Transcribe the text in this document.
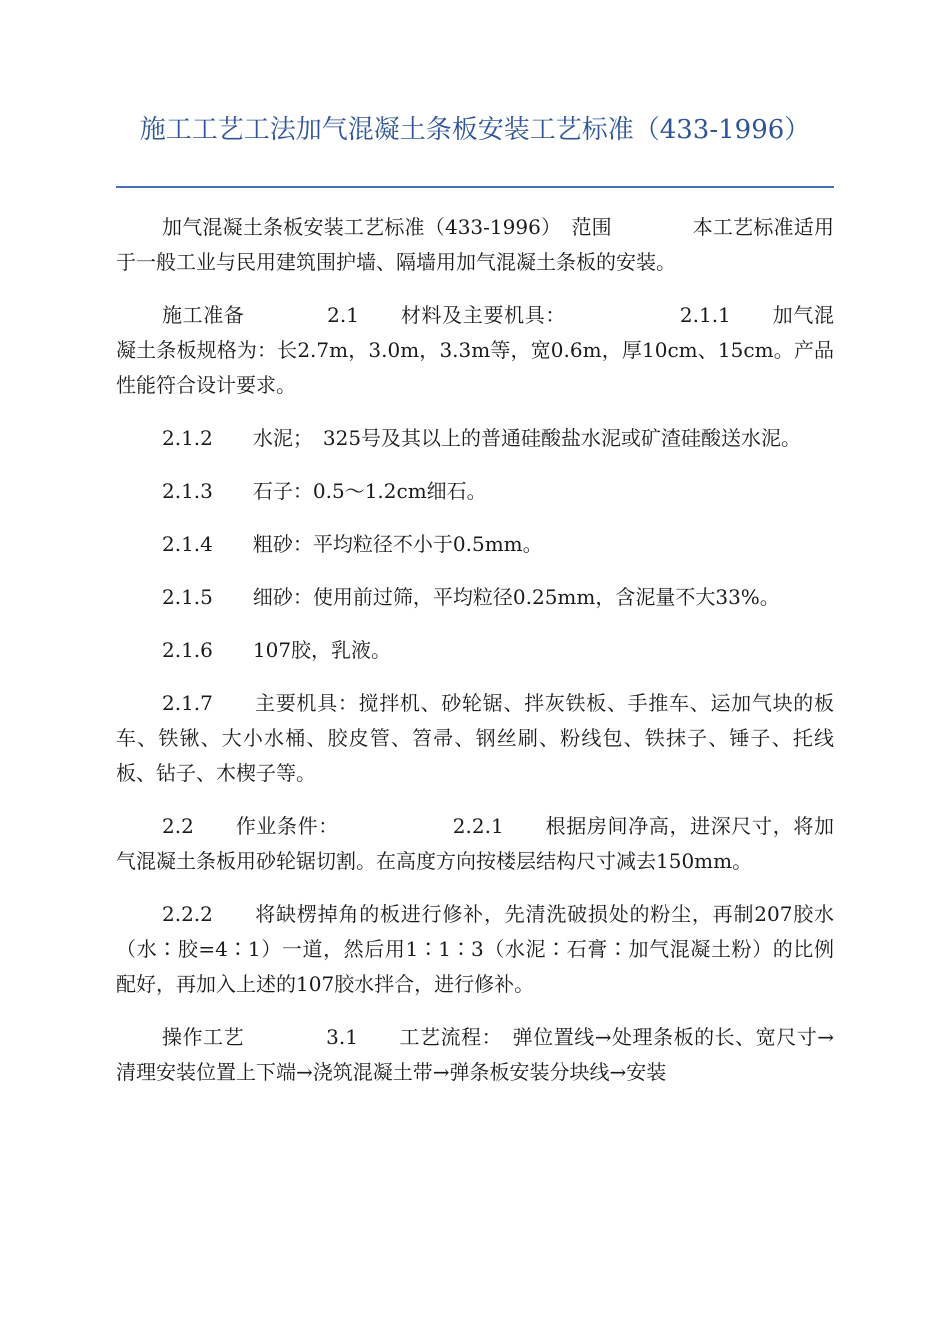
施工工艺工法加气混凝土条板安装工艺标准（433-1996）

加气混凝土条板安装工艺标准（433-1996）　范围　　　　本工艺标准适用于一般工业与民用建筑围护墙、隔墙用加气混凝土条板的安装。

施工准备　　　　2.1　　材料及主要机具：　　　　　　2.1.1　　加气混凝土条板规格为：长2.7m，3.0m，3.3m等，宽0.6m，厚10cm、15cm。产品性能符合设计要求。

2.1.2　　水泥；　325号及其以上的普通硅酸盐水泥或矿渣硅酸送水泥。

2.1.3　　石子：0.5～1.2cm细石。

2.1.4　　粗砂：平均粒径不小于0.5mm。

2.1.5　　细砂：使用前过筛，平均粒径0.25mm，含泥量不大33%。

2.1.6　　107胶，乳液。

2.1.7　　主要机具：搅拌机、砂轮锯、拌灰铁板、手推车、运加气块的板车、铁锹、大小水桶、胶皮管、笤帚、钢丝刷、粉线包、铁抹子、锤子、托线板、钻子、木楔子等。

2.2　　作业条件：　　　　　　2.2.1　　根据房间净高，进深尺寸，将加气混凝土条板用砂轮锯切割。在高度方向按楼层结构尺寸减去150mm。

2.2.2　　将缺楞掉角的板进行修补，先清洗破损处的粉尘，再制207胶水（水∶胶=4∶1）一道，然后用1∶1∶3（水泥∶石膏∶加气混凝土粉）的比例配好，再加入上述的107胶水拌合，进行修补。

操作工艺　　　　3.1　　工艺流程：　弹位置线→处理条板的长、宽尺寸→清理安装位置上下端→浇筑混凝土带→弹条板安装分块线→安装
